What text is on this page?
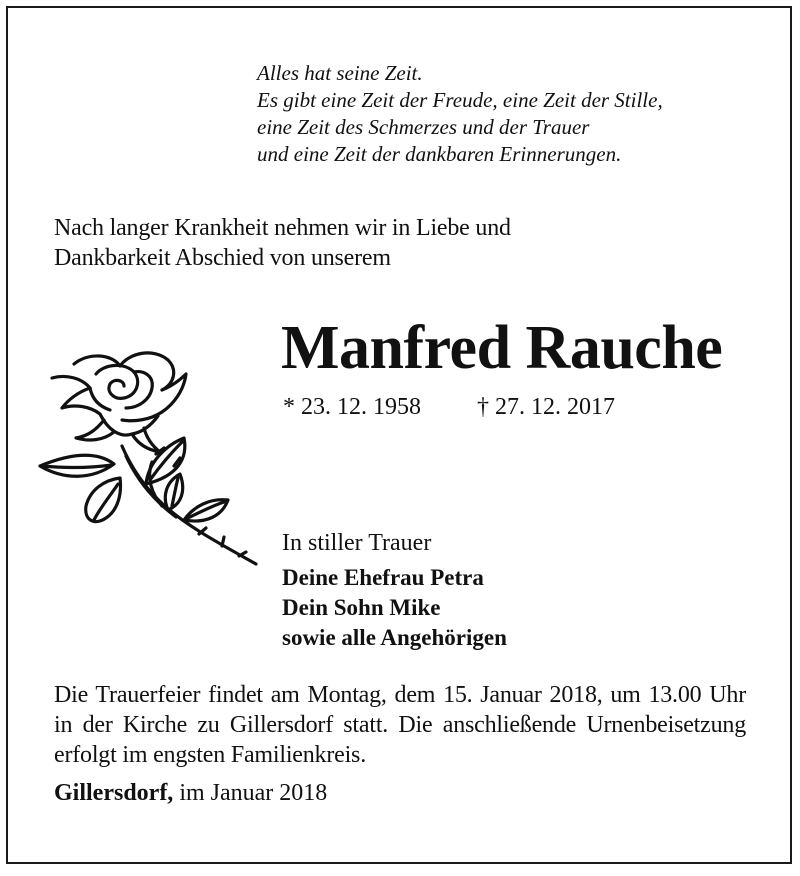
Alles hat seine Zeit.
Es gibt eine Zeit der Freude, eine Zeit der Stille,
eine Zeit des Schmerzes und der Trauer
und eine Zeit der dankbaren Erinnerungen.
Nach langer Krankheit nehmen wir in Liebe und
Dankbarkeit Abschied von unserem
Manfred Rauche
* 23. 12. 1958 † 27. 12. 2017
In stiller Trauer
Deine Ehefrau Petra
Dein Sohn Mike
sowie alle Angehörigen
Die Trauerfeier findet am Montag, dem 15. Januar 2018, um 13.00 Uhr in der Kirche zu Gillersdorf statt. Die anschließende Urnenbeisetzung erfolgt im engsten Familienkreis.
Gillersdorf, im Januar 2018
